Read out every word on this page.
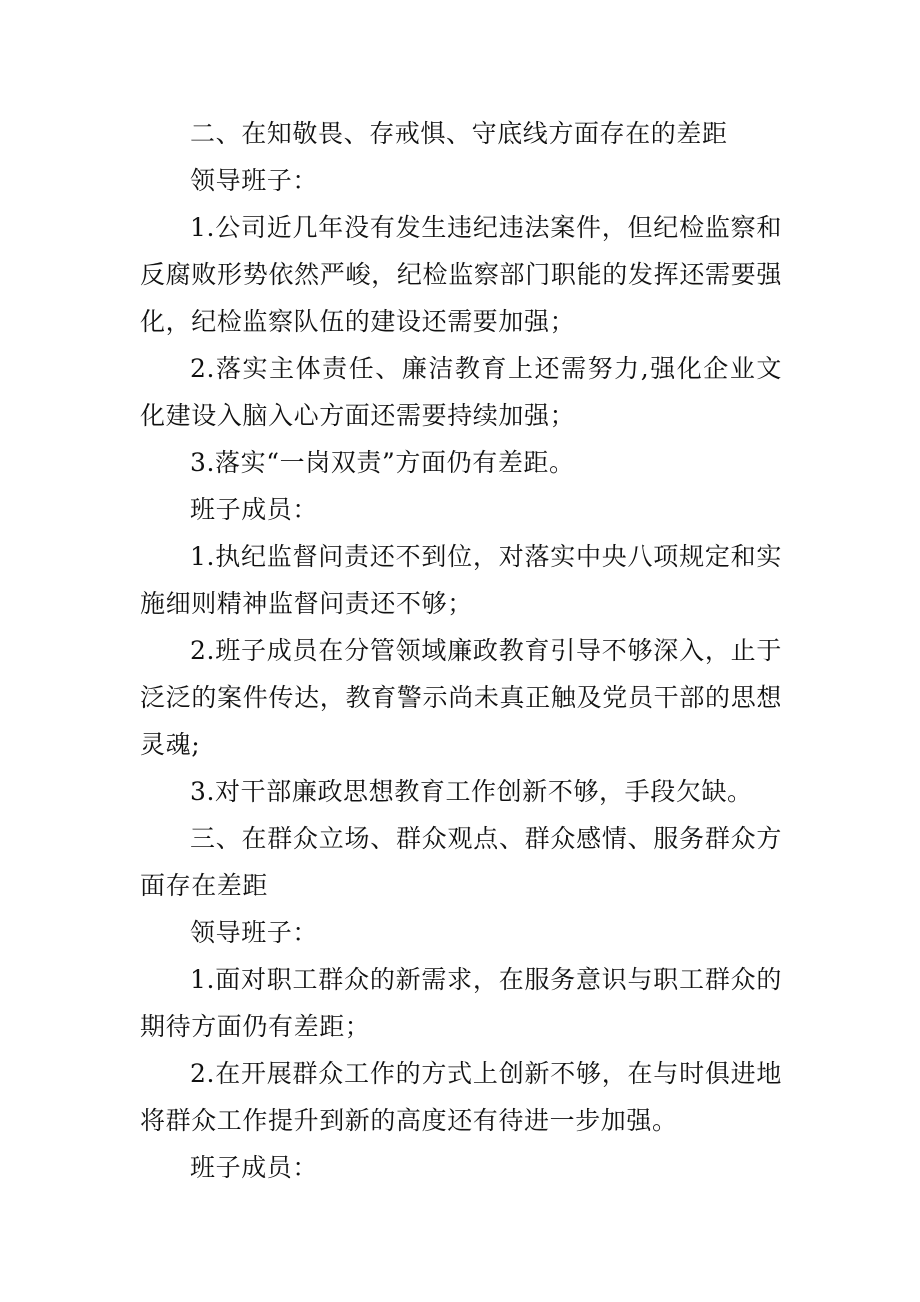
二、在知敬畏、存戒惧、守底线方面存在的差距

领导班子：

1.公司近几年没有发生违纪违法案件，但纪检监察和反腐败形势依然严峻，纪检监察部门职能的发挥还需要强化，纪检监察队伍的建设还需要加强；

2.落实主体责任、廉洁教育上还需努力,强化企业文化建设入脑入心方面还需要持续加强；

3.落实“一岗双责”方面仍有差距。

班子成员：

1.执纪监督问责还不到位，对落实中央八项规定和实施细则精神监督问责还不够；

2.班子成员在分管领域廉政教育引导不够深入，止于泛泛的案件传达，教育警示尚未真正触及党员干部的思想灵魂;

3.对干部廉政思想教育工作创新不够，手段欠缺。

三、在群众立场、群众观点、群众感情、服务群众方面存在差距

领导班子：

1.面对职工群众的新需求，在服务意识与职工群众的期待方面仍有差距；

2.在开展群众工作的方式上创新不够，在与时俱进地将群众工作提升到新的高度还有待进一步加强。

班子成员：
